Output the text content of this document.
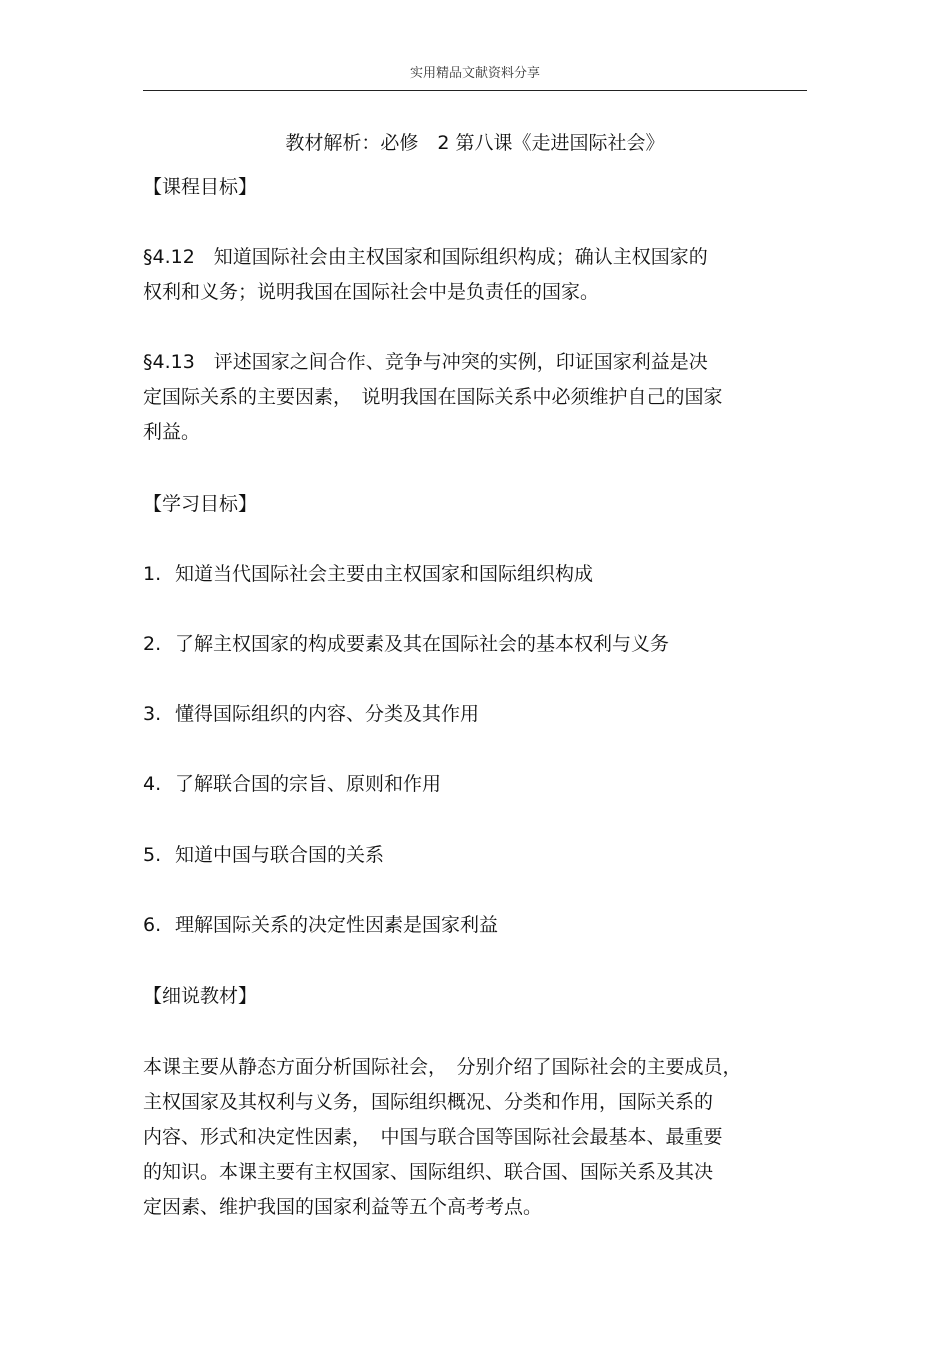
实用精品文献资料分享
教材解析：必修　2 第八课《走进国际社会》
【课程目标】
§4.12　知道国际社会由主权国家和国际组织构成；确认主权国家的
权利和义务；说明我国在国际社会中是负责任的国家。
§4.13　评述国家之间合作、竞争与冲突的实例，印证国家利益是决
定国际关系的主要因素，　说明我国在国际关系中必须维护自己的国家
利益。
【学习目标】
1. 知道当代国际社会主要由主权国家和国际组织构成
2. 了解主权国家的构成要素及其在国际社会的基本权利与义务
3. 懂得国际组织的内容、分类及其作用
4. 了解联合国的宗旨、原则和作用
5. 知道中国与联合国的关系
6. 理解国际关系的决定性因素是国家利益
【细说教材】
本课主要从静态方面分析国际社会，　分别介绍了国际社会的主要成员，
主权国家及其权利与义务，国际组织概况、分类和作用，国际关系的
内容、形式和决定性因素，　中国与联合国等国际社会最基本、最重要
的知识。本课主要有主权国家、国际组织、联合国、国际关系及其决
定因素、维护我国的国家利益等五个高考考点。
